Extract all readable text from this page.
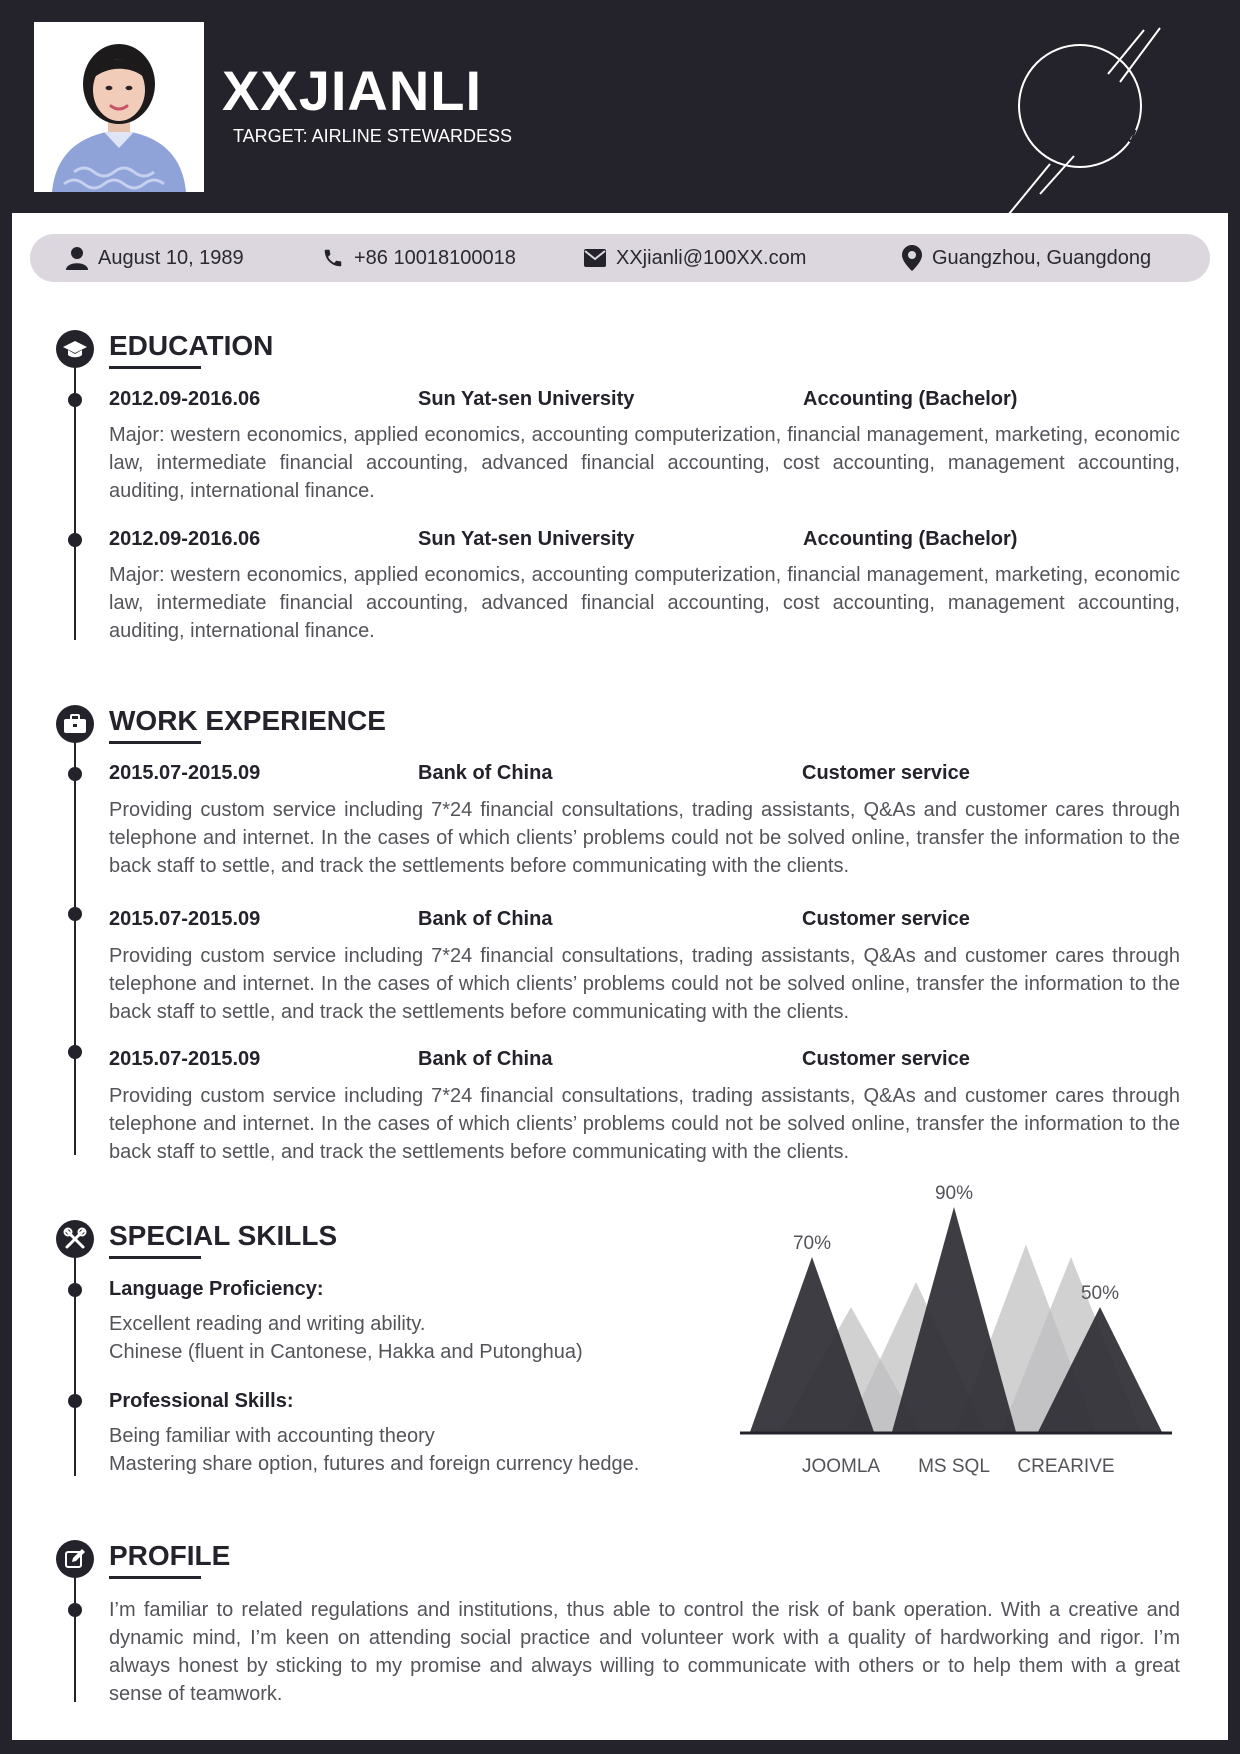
XXJIANLI
TARGET: AIRLINE STEWARDESS
Resu
me cv
August 10, 1989	+86 10018100018	XXjianli@100XX.com	Guangzhou, Guangdong
EDUCATION
2012.09-2016.06	Sun Yat-sen University	Accounting (Bachelor)
Major: western economics, applied economics, accounting computerization, financial management, marketing, economic law, intermediate financial accounting, advanced financial accounting, cost accounting, management accounting, auditing, international finance.
2012.09-2016.06	Sun Yat-sen University	Accounting (Bachelor)
Major: western economics, applied economics, accounting computerization, financial management, marketing, economic law, intermediate financial accounting, advanced financial accounting, cost accounting, management accounting, auditing, international finance.
WORK EXPERIENCE
2015.07-2015.09	Bank of China	Customer service
Providing custom service including 7*24 financial consultations, trading assistants, Q&As and customer cares through telephone and internet. In the cases of which clients’ problems could not be solved online, transfer the information to the back staff to settle, and track the settlements before communicating with the clients.
2015.07-2015.09	Bank of China	Customer service
Providing custom service including 7*24 financial consultations, trading assistants, Q&As and customer cares through telephone and internet. In the cases of which clients’ problems could not be solved online, transfer the information to the back staff to settle, and track the settlements before communicating with the clients.
2015.07-2015.09	Bank of China	Customer service
Providing custom service including 7*24 financial consultations, trading assistants, Q&As and customer cares through telephone and internet. In the cases of which clients’ problems could not be solved online, transfer the information to the back staff to settle, and track the settlements before communicating with the clients.
SPECIAL SKILLS
Language Proficiency:
Excellent reading and writing ability.
Chinese (fluent in Cantonese, Hakka and Putonghua)
Professional Skills:
Being familiar with accounting theory
Mastering share option, futures and foreign currency hedge.
70%
90%
50%
JOOMLA MS SQL CREARIVE
PROFILE
I’m familiar to related regulations and institutions, thus able to control the risk of bank operation. With a creative and dynamic mind, I’m keen on attending social practice and volunteer work with a quality of hardworking and rigor. I’m always honest by sticking to my promise and always willing to communicate with others or to help them with a great sense of teamwork.
